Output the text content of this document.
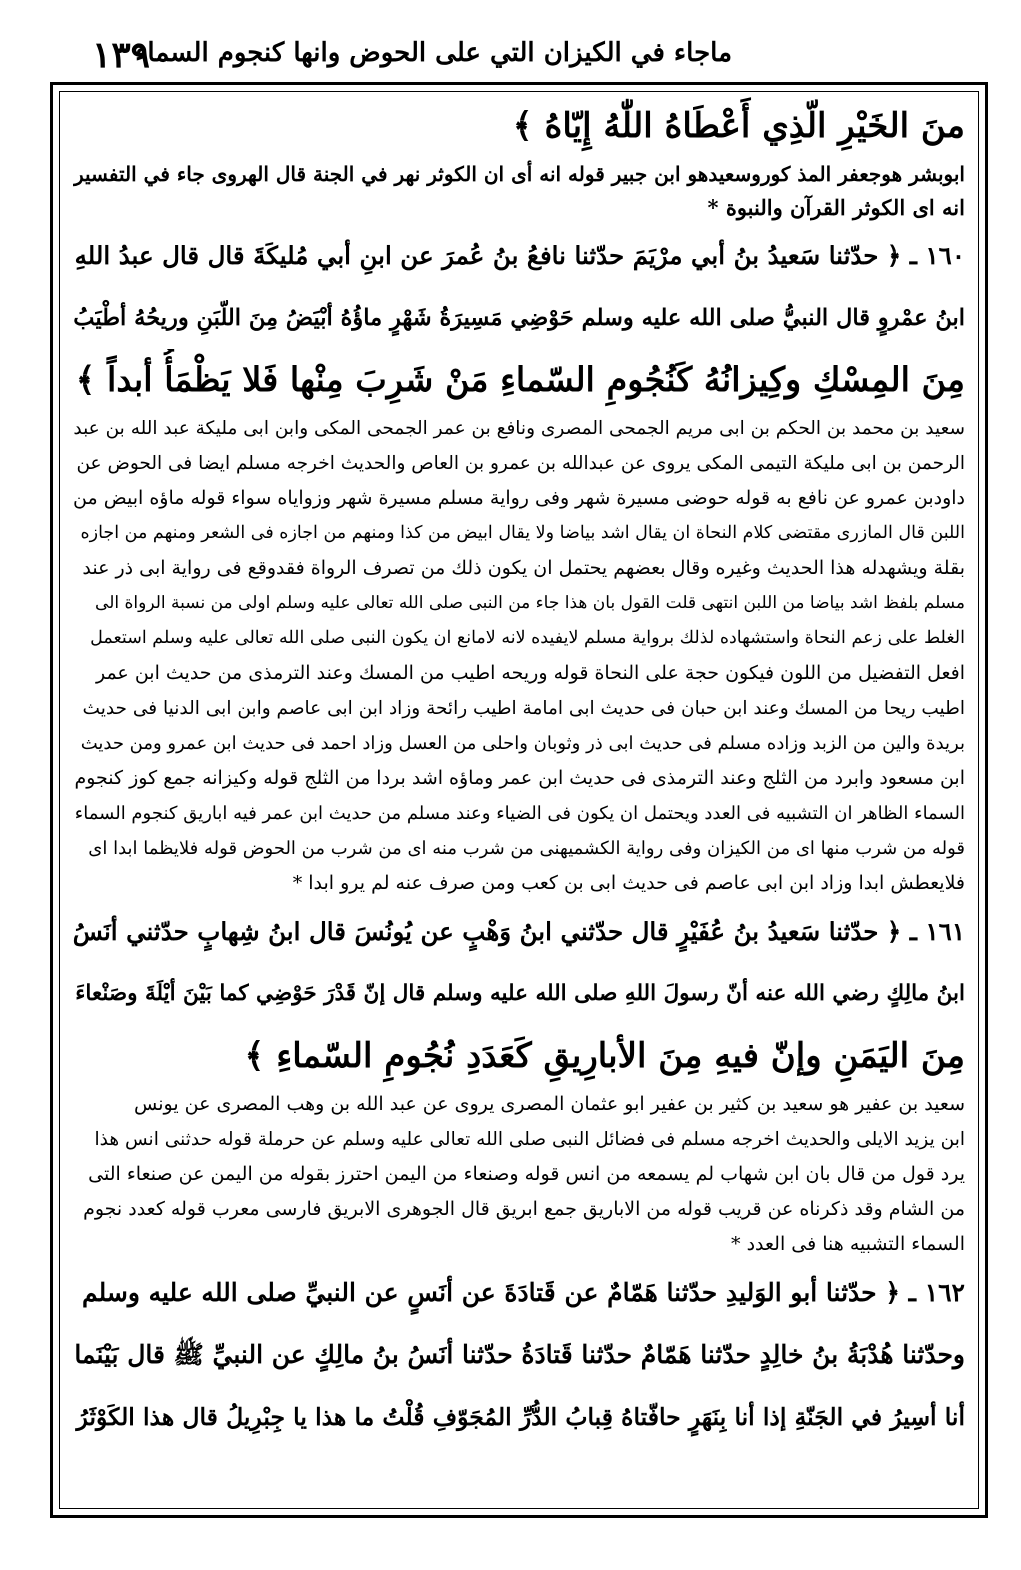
١٣٩
ماجاء في الكيزان التي على الحوض وانها كنجوم السماء
منَ الخَيْرِ الّذِي أَعْطَاهُ اللّٰهُ إِيّاهُ ﴾
ابوبشر هوجعفر المذ كوروسعيدهو ابن جبير قوله انه أى ان الكوثر نهر في الجنة قال الهروى جاء في التفسير
انه اى الكوثر القرآن والنبوة *
١٦٠ ـ ﴿ حدّثنا سَعيدُ بنُ أبي مرْيَمَ حدّثنا نافعُ بنُ عُمرَ عن ابنِ أبي مُليكَةَ قال قال عبدُ اللهِ
ابنُ عمْروٍ قال النبيُّ صلى الله عليه وسلم حَوْضِي مَسِيرَةُ شَهْرٍ ماؤُهُ أبْيَضُ مِنَ اللّبَنِ وريحُهُ أطْيَبُ
مِنَ المِسْكِ وكِيزانُهُ كَنُجُومِ السّماءِ مَنْ شَرِبَ مِنْها فَلا يَظْمَأُ أبداً ﴾
سعيد بن محمد بن الحكم بن ابى مريم الجمحى المصرى ونافع بن عمر الجمحى المكى وابن ابى مليكة عبد الله بن عبد
الرحمن بن ابى مليكة التيمى المكى يروى عن عبدالله بن عمرو بن العاص والحديث اخرجه مسلم ايضا فى الحوض عن
داودبن عمرو عن نافع به قوله حوضى مسيرة شهر وفى رواية مسلم مسيرة شهر وزواياه سواء قوله ماؤه ابيض من
اللبن قال المازرى مقتضى كلام النحاة ان يقال اشد بياضا ولا يقال ابيض من كذا ومنهم من اجازه فى الشعر ومنهم من اجازه
بقلة ويشهدله هذا الحديث وغيره وقال بعضهم يحتمل ان يكون ذلك من تصرف الرواة فقدوقع فى رواية ابى ذر عند
مسلم بلفظ اشد بياضا من اللبن انتهى قلت القول بان هذا جاء من النبى صلى الله تعالى عليه وسلم اولى من نسبة الرواة الى
الغلط على زعم النحاة واستشهاده لذلك برواية مسلم لايفيده لانه لامانع ان يكون النبى صلى الله تعالى عليه وسلم استعمل
افعل التفضيل من اللون فيكون حجة على النحاة قوله وريحه اطيب من المسك وعند الترمذى من حديث ابن عمر
اطيب ريحا من المسك وعند ابن حبان فى حديث ابى امامة اطيب رائحة وزاد ابن ابى عاصم وابن ابى الدنيا فى حديث
بريدة والين من الزبد وزاده مسلم فى حديث ابى ذر وثوبان واحلى من العسل وزاد احمد فى حديث ابن عمرو ومن حديث
ابن مسعود وابرد من الثلج وعند الترمذى فى حديث ابن عمر وماؤه اشد بردا من الثلج قوله وكيزانه جمع كوز كنجوم
السماء الظاهر ان التشبيه فى العدد ويحتمل ان يكون فى الضياء وعند مسلم من حديث ابن عمر فيه اباريق كنجوم السماء
قوله من شرب منها اى من الكيزان وفى رواية الكشميهنى من شرب منه اى من شرب من الحوض قوله فلايظما ابدا اى
فلايعطش ابدا وزاد ابن ابى عاصم فى حديث ابى بن كعب ومن صرف عنه لم يرو ابدا *
١٦١ ـ ﴿ حدّثنا سَعيدُ بنُ عُفَيْرٍ قال حدّثني ابنُ وَهْبٍ عن يُونُسَ قال ابنُ شِهابٍ حدّثني أنَسُ
ابنُ مالِكٍ رضي الله عنه أنّ رسولَ اللهِ صلى الله عليه وسلم قال إنّ قَدْرَ حَوْضِي كما بَيْنَ أيْلَةَ وصَنْعاءَ
مِنَ اليَمَنِ وإنّ فيهِ مِنَ الأبارِيقِ كَعَدَدِ نُجُومِ السّماءِ ﴾
سعيد بن عفير هو سعيد بن كثير بن عفير ابو عثمان المصرى يروى عن عبد الله بن وهب المصرى عن يونس
ابن يزيد الايلى والحديث اخرجه مسلم فى فضائل النبى صلى الله تعالى عليه وسلم عن حرملة قوله حدثنى انس هذا
يرد قول من قال بان ابن شهاب لم يسمعه من انس قوله وصنعاء من اليمن احترز بقوله من اليمن عن صنعاء التى
من الشام وقد ذكرناه عن قريب قوله من الاباريق جمع ابريق قال الجوهرى الابريق فارسى معرب قوله كعدد نجوم
السماء التشبيه هنا فى العدد *
١٦٢ ـ ﴿ حدّثنا أبو الوَليدِ حدّثنا هَمّامٌ عن قَتادَةَ عن أنَسٍ عن النبيِّ صلى الله عليه وسلم
وحدّثنا هُدْبَةُ بنُ خالِدٍ حدّثنا هَمّامٌ حدّثنا قَتادَةُ حدّثنا أنَسُ بنُ مالِكٍ عن النبيِّ ﷺ قال بَيْنَما
أنا أسِيرُ في الجَنّةِ إذا أنا بِنَهَرٍ حافّتاهُ قِبابُ الدُّرِّ المُجَوّفِ قُلْتُ ما هذا يا جِبْرِيلُ قال هذا الكَوْثَرُ
